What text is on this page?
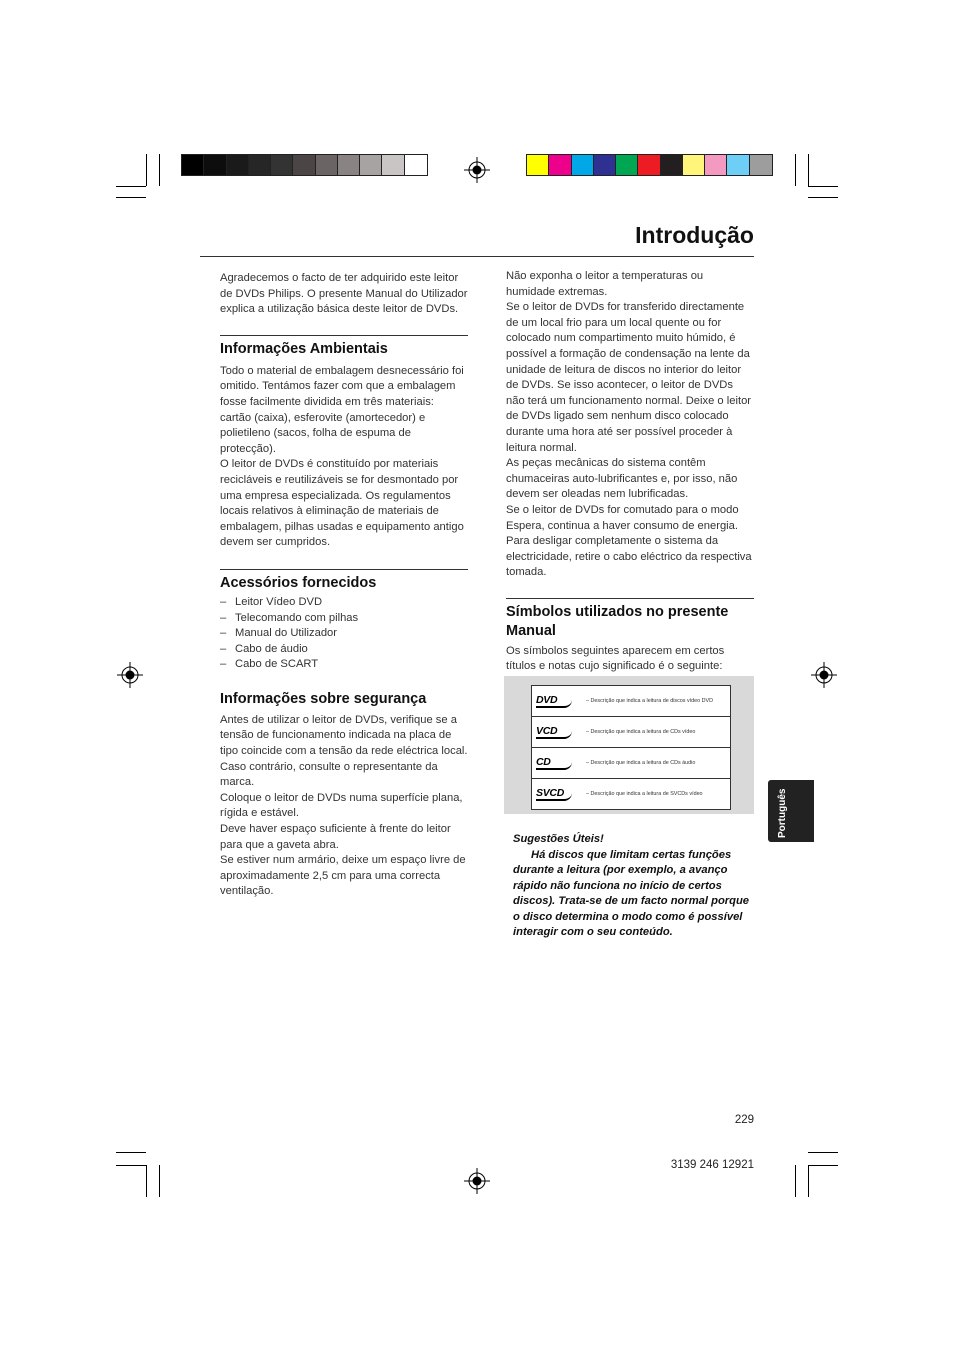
Introdução

Agradecemos o facto de ter adquirido este leitor de DVDs Philips. O presente Manual do Utilizador explica a utilização básica deste leitor de DVDs.

Informações Ambientais

Todo o material de embalagem desnecessário foi omitido. Tentámos fazer com que a embalagem fosse facilmente dividida em três materiais: cartão (caixa), esferovite (amortecedor) e polietileno (sacos, folha de espuma de protecção).

O leitor de DVDs é constituído por materiais recicláveis e reutilizáveis se for desmontado por uma empresa especializada. Os regulamentos locais relativos à eliminação de materiais de embalagem, pilhas usadas e equipamento antigo devem ser cumpridos.

Acessórios fornecidos
– Leitor Vídeo DVD
– Telecomando com pilhas
– Manual do Utilizador
– Cabo de áudio
– Cabo de SCART
Informações sobre segurança

Antes de utilizar o leitor de DVDs, verifique se a tensão de funcionamento indicada na placa de tipo coincide com a tensão da rede eléctrica local. Caso contrário, consulte o representante da marca.

Coloque o leitor de DVDs numa superfície plana, rígida e estável.

Deve haver espaço suficiente à frente do leitor para que a gaveta abra.

Se estiver num armário, deixe um espaço livre de aproximadamente 2,5 cm para uma correcta ventilação.

Não exponha o leitor a temperaturas ou humidade extremas.

Se o leitor de DVDs for transferido directamente de um local frio para um local quente ou for colocado num compartimento muito húmido, é possível a formação de condensação na lente da unidade de leitura de discos no interior do leitor de DVDs. Se isso acontecer, o leitor de DVDs não terá um funcionamento normal. Deixe o leitor de DVDs ligado sem nenhum disco colocado durante uma hora até ser possível proceder à leitura normal.

As peças mecânicas do sistema contêm chumaceiras auto-lubrificantes e, por isso, não devem ser oleadas nem lubrificadas.

Se o leitor de DVDs for comutado para o modo Espera, continua a haver consumo de energia. Para desligar completamente o sistema da electricidade, retire o cabo eléctrico da respectiva tomada.

Símbolos utilizados no presente Manual

Os símbolos seguintes aparecem em certos títulos e notas cujo significado é o seguinte:

DVD	– Descrição que indica a leitura de discos vídeo DVD
VCD	– Descrição que indica a leitura de CDs vídeo
CD	– Descrição que indica a leitura de CDs áudio
SVCD	– Descrição que indica a leitura de SVCDs vídeo

Sugestões Úteis!

Há discos que limitam certas funções durante a leitura (por exemplo, a avanço rápido não funciona no início de certos discos). Trata-se de um facto normal porque o disco determina o modo como é possível interagir com o seu conteúdo.

Português
229
3139 246 12921
